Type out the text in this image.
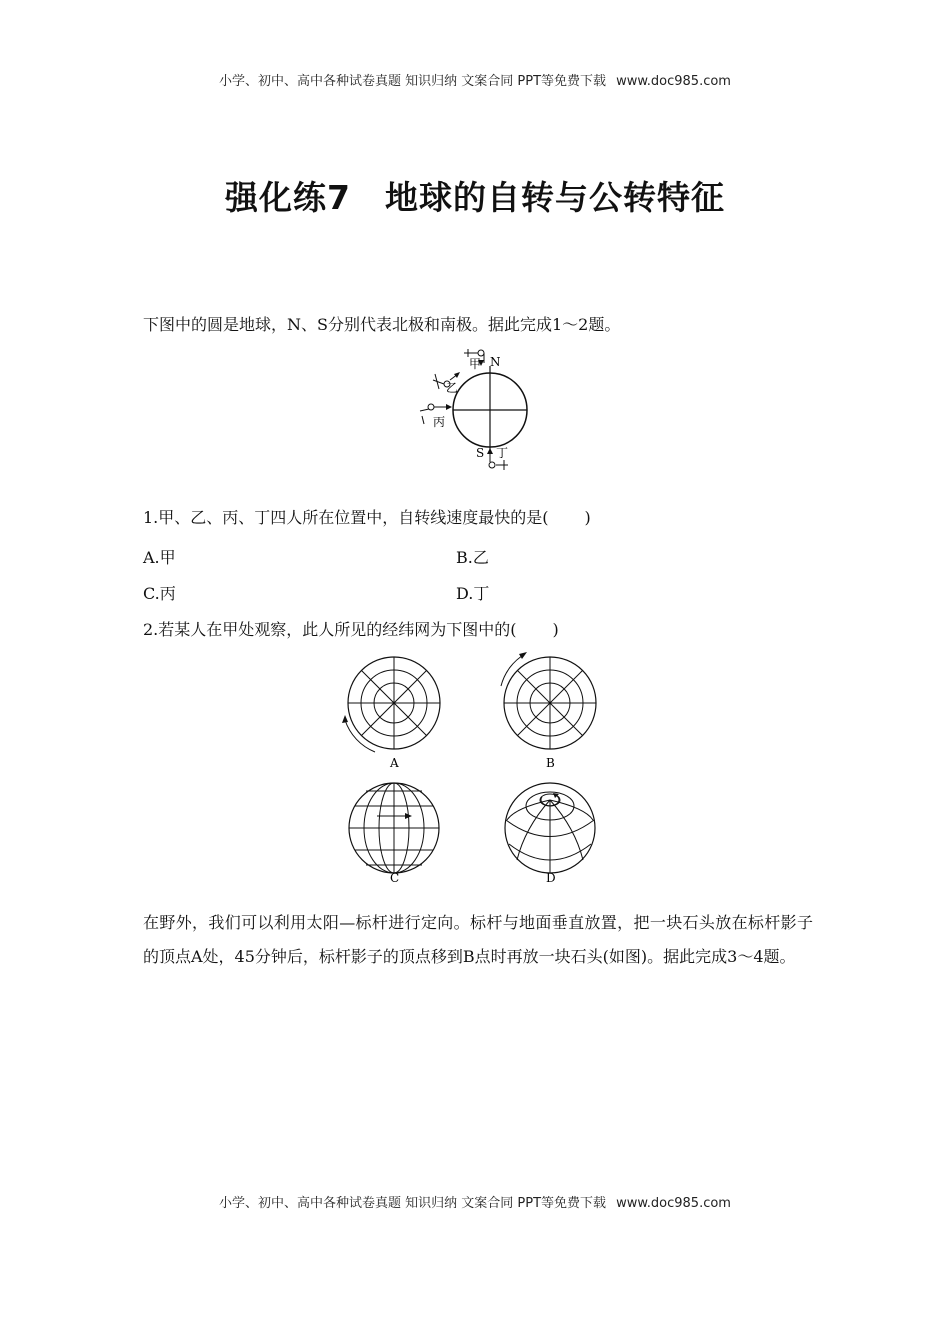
小学、初中、高中各种试卷真题 知识归纳 文案合同 PPT等免费下载 www.doc985.com
强化练7 地球的自转与公转特征
下图中的圆是地球，N、S分别代表北极和南极。据此完成1～2题。
甲 N
乙
丙
S 丁
1.甲、乙、丙、丁四人所在位置中，自转线速度最快的是( )
A.甲	B.乙
C.丙	D.丁
2.若某人在甲处观察，此人所见的经纬网为下图中的( )
A	B
C	D
在野外，我们可以利用太阳—标杆进行定向。标杆与地面垂直放置，把一块石头放在标杆影子的顶点A处，45分钟后，标杆影子的顶点移到B点时再放一块石头(如图)。据此完成3～4题。
小学、初中、高中各种试卷真题 知识归纳 文案合同 PPT等免费下载 www.doc985.com
